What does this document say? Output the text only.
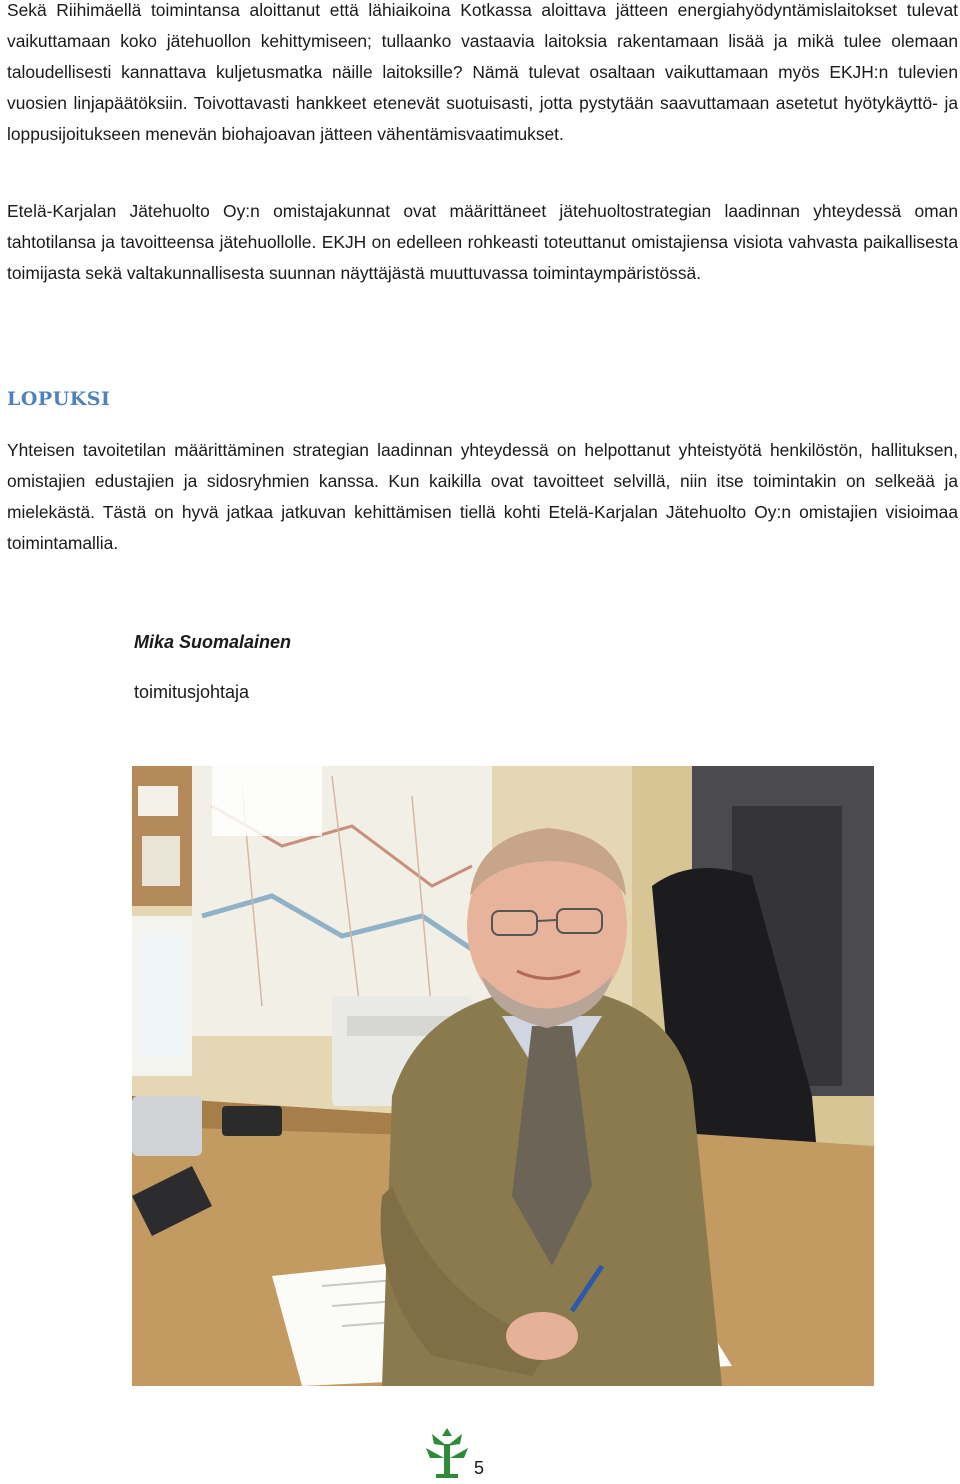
Sekä Riihimäellä toimintansa aloittanut että lähiaikoina Kotkassa aloittava jätteen energiahyödyntämislaitokset tulevat vaikuttamaan koko jätehuollon kehittymiseen; tullaanko vastaavia laitoksia rakentamaan lisää ja mikä tulee olemaan taloudellisesti kannattava kuljetusmatka näille laitoksille? Nämä tulevat osaltaan vaikuttamaan myös EKJH:n tulevien vuosien linjapäätöksiin. Toivottavasti hankkeet etenevät suotuisasti, jotta pystytään saavuttamaan asetetut hyötykäyttö- ja loppusijoitukseen menevän biohajoavan jätteen vähentämisvaatimukset.

Etelä-Karjalan Jätehuolto Oy:n omistajakunnat ovat määrittäneet jätehuoltostrategian laadinnan yhteydessä oman tahtotilansa ja tavoitteensa jätehuollolle. EKJH on edelleen rohkeasti toteuttanut omistajiensa visiota vahvasta paikallisesta toimijasta sekä valtakunnallisesta suunnan näyttäjästä muuttuvassa toimintaympäristössä.

LOPUKSI

Yhteisen tavoitetilan määrittäminen strategian laadinnan yhteydessä on helpottanut yhteistyötä henkilöstön, hallituksen, omistajien edustajien ja sidosryhmien kanssa. Kun kaikilla ovat tavoitteet selvillä, niin itse toimintakin on selkeää ja mielekästä. Tästä on hyvä jatkaa jatkuvan kehittämisen tiellä kohti Etelä-Karjalan Jätehuolto Oy:n omistajien visioimaa toimintamallia.

Mika Suomalainen

toimitusjohtaja

5
